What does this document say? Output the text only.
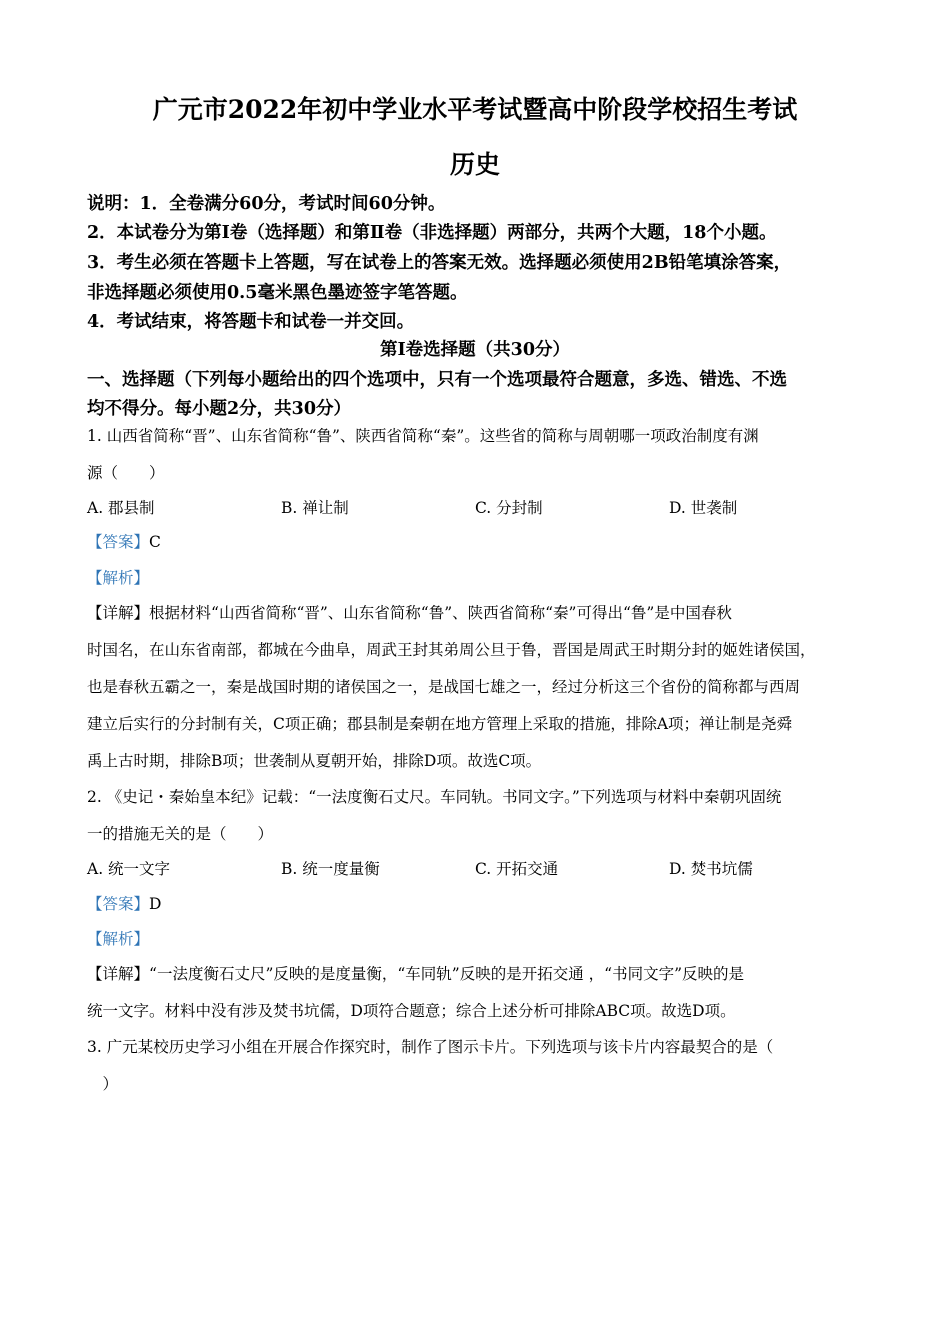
广元市2022年初中学业水平考试暨高中阶段学校招生考试
历史
说明：1．全卷满分60分，考试时间60分钟。
2．本试卷分为第Ⅰ卷（选择题）和第Ⅱ卷（非选择题）两部分，共两个大题，18个小题。
3．考生必须在答题卡上答题，写在试卷上的答案无效。选择题必须使用2B铅笔填涂答案，
非选择题必须使用0.5毫米黑色墨迹签字笔答题。
4．考试结束，将答题卡和试卷一并交回。
第Ⅰ卷选择题（共30分）
一、选择题（下列每小题给出的四个选项中，只有一个选项最符合题意，多选、错选、不选
均不得分。每小题2分，共30分）
1. 山西省简称“晋”、山东省简称“鲁”、陕西省简称“秦”。这些省的简称与周朝哪一项政治制度有渊
源（　　）
A. 郡县制	B. 禅让制	C. 分封制	D. 世袭制
【答案】C
【解析】
【详解】根据材料“山西省简称“晋”、山东省简称“鲁”、陕西省简称“秦”可得出“鲁”是中国春秋
时国名，在山东省南部，都城在今曲阜，周武王封其弟周公旦于鲁，晋国是周武王时期分封的姬姓诸侯国，
也是春秋五霸之一，秦是战国时期的诸侯国之一，是战国七雄之一，经过分析这三个省份的简称都与西周
建立后实行的分封制有关，C项正确；郡县制是秦朝在地方管理上采取的措施，排除A项；禅让制是尧舜
禹上古时期，排除B项；世袭制从夏朝开始，排除D项。故选C项。
2. 《史记・秦始皇本纪》记载：“一法度衡石丈尺。车同轨。书同文字。”下列选项与材料中秦朝巩固统
一的措施无关的是（　　）
A. 统一文字	B. 统一度量衡	C. 开拓交通	D. 焚书坑儒
【答案】D
【解析】
【详解】“一法度衡石丈尺”反映的是度量衡，“车同轨”反映的是开拓交通 ，“书同文字”反映的是
统一文字。材料中没有涉及焚书坑儒，D项符合题意；综合上述分析可排除ABC项。故选D项。
3. 广元某校历史学习小组在开展合作探究时，制作了图示卡片。下列选项与该卡片内容最契合的是（
　）
